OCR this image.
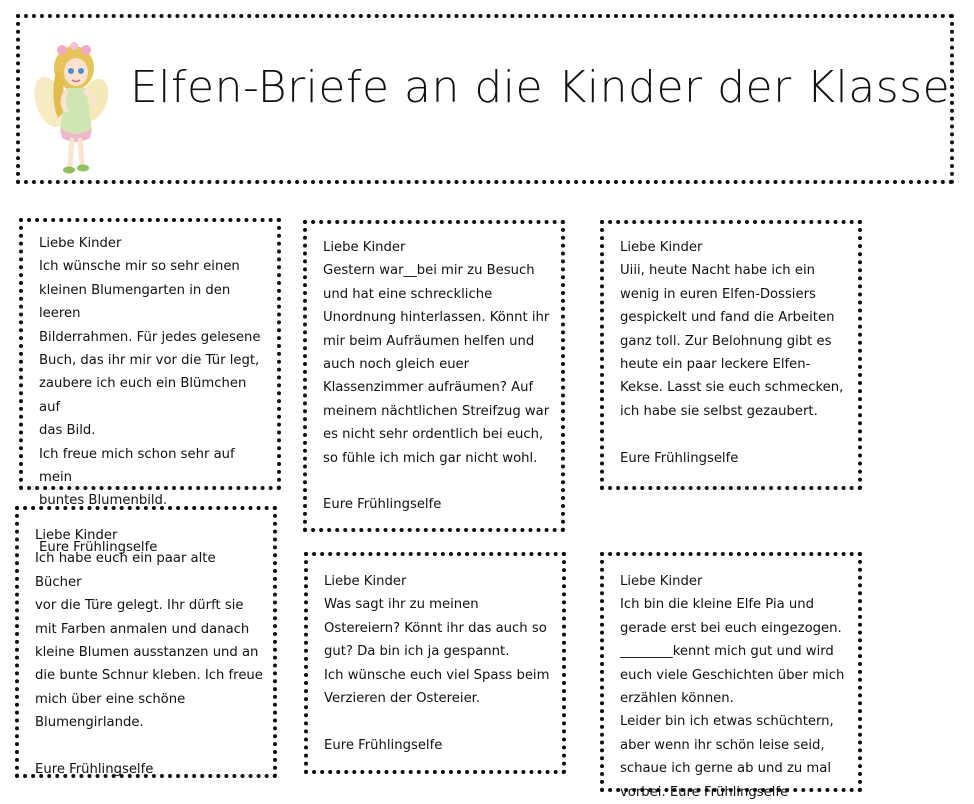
Elfen-Briefe an die Kinder der Klasse

Liebe Kinder

Ich wünsche mir so sehr einen
kleinen Blumengarten in den leeren
Bilderrahmen. Für jedes gelesene
Buch, das ihr mir vor die Tür legt,
zaubere ich euch ein Blümchen auf
das Bild.
Ich freue mich schon sehr auf mein
buntes Blumenbild.

Eure Frühlingselfe

Liebe Kinder

Gestern war__bei mir zu Besuch
und hat eine schreckliche
Unordnung hinterlassen. Könnt ihr
mir beim Aufräumen helfen und
auch noch gleich euer
Klassenzimmer aufräumen? Auf
meinem nächtlichen Streifzug war
es nicht sehr ordentlich bei euch,
so fühle ich mich gar nicht wohl.

Eure Frühlingselfe

Liebe Kinder

Uiii, heute Nacht habe ich ein
wenig in euren Elfen-Dossiers
gespickelt und fand die Arbeiten
ganz toll. Zur Belohnung gibt es
heute ein paar leckere Elfen-
Kekse. Lasst sie euch schmecken,
ich habe sie selbst gezaubert.

Eure Frühlingselfe

Liebe Kinder

Ich habe euch ein paar alte Bücher
vor die Türe gelegt. Ihr dürft sie
mit Farben anmalen und danach
kleine Blumen ausstanzen und an
die bunte Schnur kleben. Ich freue
mich über eine schöne
Blumengirlande.

Eure Frühlingselfe

Liebe Kinder

Was sagt ihr zu meinen
Ostereiern? Könnt ihr das auch so
gut? Da bin ich ja gespannt.
Ich wünsche euch viel Spass beim
Verzieren der Ostereier.

Eure Frühlingselfe

Liebe Kinder

Ich bin die kleine Elfe Pia und
gerade erst bei euch eingezogen.
________kennt mich gut und wird
euch viele Geschichten über mich
erzählen können.
Leider bin ich etwas schüchtern,
aber wenn ihr schön leise seid,
schaue ich gerne ab und zu mal
vorbei. Eure Frühlingselfe
